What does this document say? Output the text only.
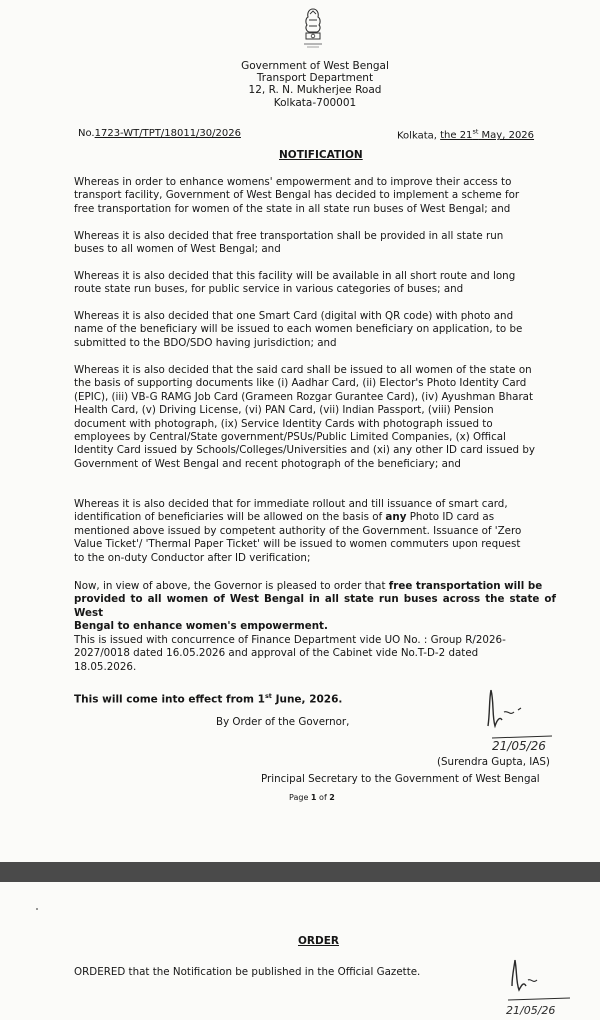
Government of West Bengal
Transport Department
12, R. N. Mukherjee Road
Kolkata-700001
No.1723-WT/TPT/18011/30/2026	Kolkata, the 21st May, 2026
NOTIFICATION
Whereas in order to enhance womens' empowerment and to improve their access to
transport facility, Government of West Bengal has decided to implement a scheme for
free transportation for women of the state in all state run buses of West Bengal; and
Whereas it is also decided that free transportation shall be provided in all state run
buses to all women of West Bengal; and
Whereas it is also decided that this facility will be available in all short route and long
route state run buses, for public service in various categories of buses; and
Whereas it is also decided that one Smart Card (digital with QR code) with photo and
name of the beneficiary will be issued to each women beneficiary on application, to be
submitted to the BDO/SDO having jurisdiction; and
Whereas it is also decided that the said card shall be issued to all women of the state on
the basis of supporting documents like (i) Aadhar Card, (ii) Elector's Photo Identity Card
(EPIC), (iii) VB-G RAMG Job Card (Grameen Rozgar Gurantee Card), (iv) Ayushman Bharat
Health Card, (v) Driving License, (vi) PAN Card, (vii) Indian Passport, (viii) Pension
document with photograph, (ix) Service Identity Cards with photograph issued to
employees by Central/State government/PSUs/Public Limited Companies, (x) Offical
Identity Card issued by Schools/Colleges/Universities and (xi) any other ID card issued by
Government of West Bengal and recent photograph of the beneficiary; and
Whereas it is also decided that for immediate rollout and till issuance of smart card,
identification of beneficiaries will be allowed on the basis of any Photo ID card as
mentioned above issued by competent authority of the Government. Issuance of 'Zero
Value Ticket'/ 'Thermal Paper Ticket' will be issued to women commuters upon request
to the on-duty Conductor after ID verification;
Now, in view of above, the Governor is pleased to order that free transportation will be
provided to all women of West Bengal in all state run buses across the state of West
Bengal to enhance women's empowerment.
This is issued with concurrence of Finance Department vide UO No. : Group R/2026-
2027/0018 dated 16.05.2026 and approval of the Cabinet vide No.T-D-2 dated
18.05.2026.
This will come into effect from 1st June, 2026.
By Order of the Governor,
21/05/26
(Surendra Gupta, IAS)
Principal Secretary to the Government of West Bengal
Page 1 of 2
ORDER
ORDERED that the Notification be published in the Official Gazette.
21/05/26
